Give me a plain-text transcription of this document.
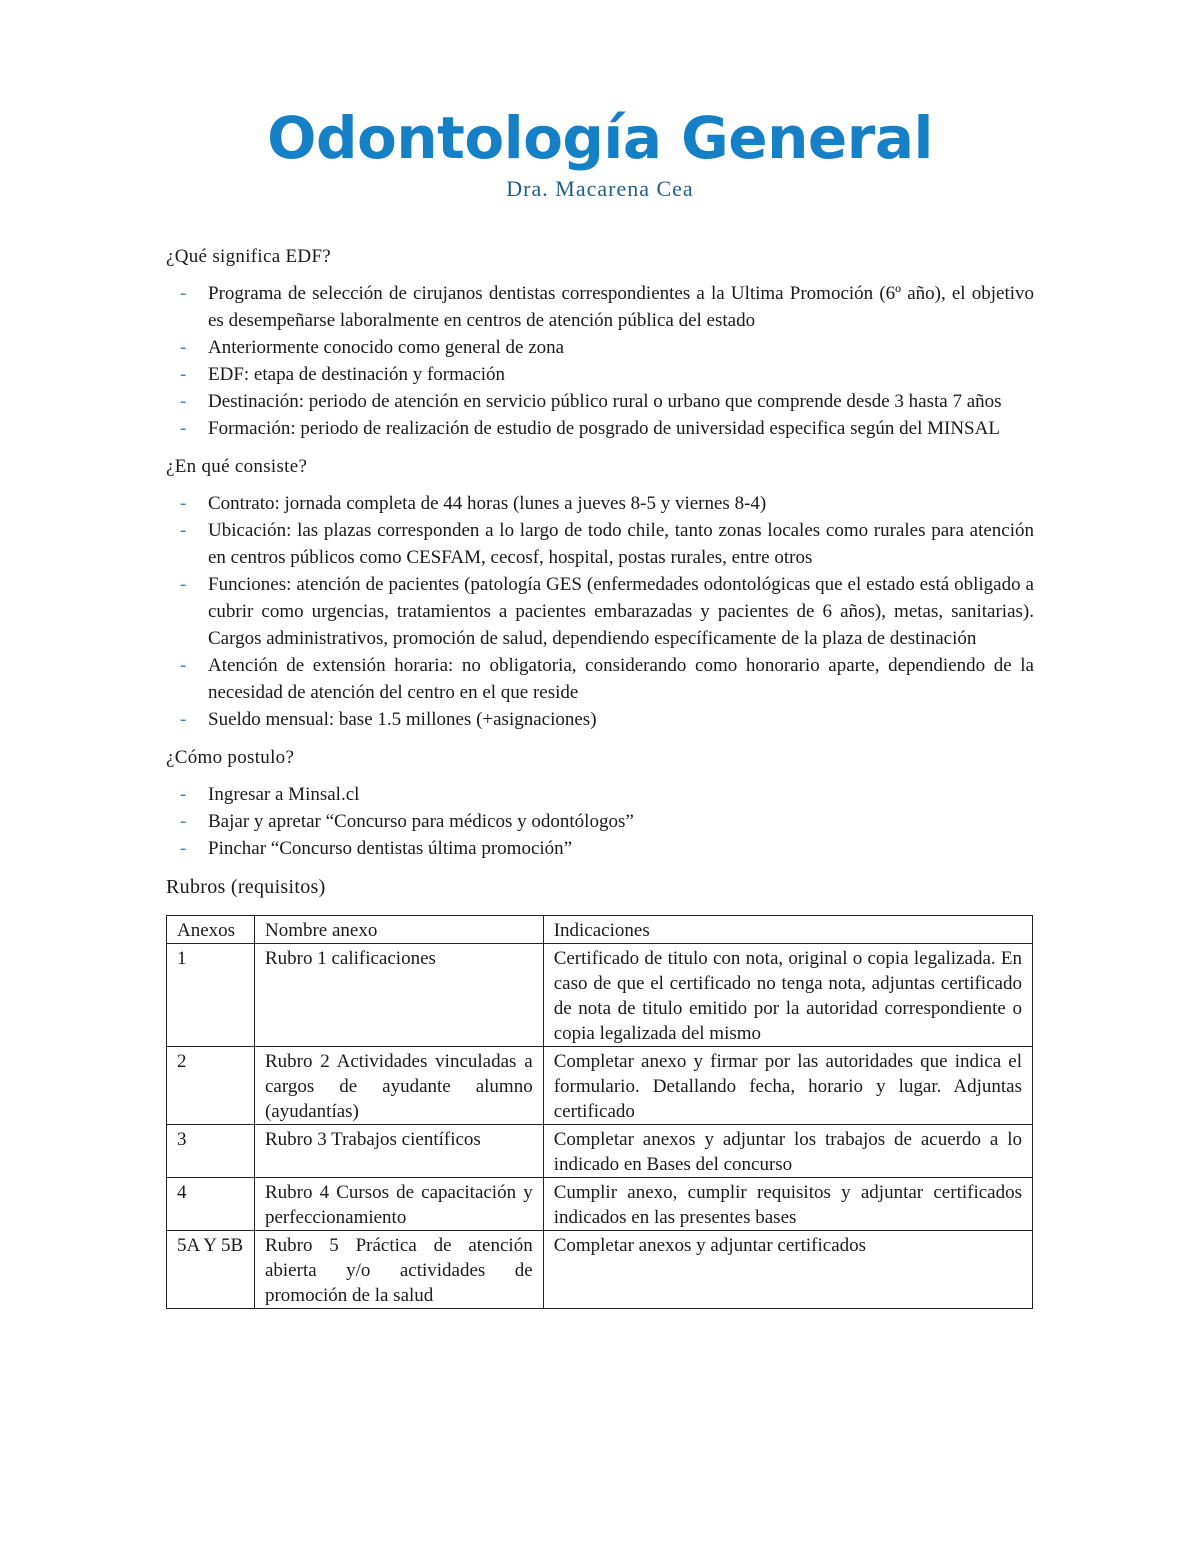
Odontología General
Dra. Macarena Cea

¿Qué significa EDF?

- Programa de selección de cirujanos dentistas correspondientes a la Ultima Promoción (6º año), el objetivo es desempeñarse laboralmente en centros de atención pública del estado
- Anteriormente conocido como general de zona
- EDF: etapa de destinación y formación
- Destinación: periodo de atención en servicio público rural o urbano que comprende desde 3 hasta 7 años
- Formación: periodo de realización de estudio de posgrado de universidad especifica según del MINSAL

¿En qué consiste?

- Contrato: jornada completa de 44 horas (lunes a jueves 8-5 y viernes 8-4)
- Ubicación: las plazas corresponden a lo largo de todo chile, tanto zonas locales como rurales para atención en centros públicos como CESFAM, cecosf, hospital, postas rurales, entre otros
- Funciones: atención de pacientes (patología GES (enfermedades odontológicas que el estado está obligado a cubrir como urgencias, tratamientos a pacientes embarazadas y pacientes de 6 años), metas, sanitarias). Cargos administrativos, promoción de salud, dependiendo específicamente de la plaza de destinación
- Atención de extensión horaria: no obligatoria, considerando como honorario aparte, dependiendo de la necesidad de atención del centro en el que reside
- Sueldo mensual: base 1.5 millones (+asignaciones)

¿Cómo postulo?

- Ingresar a Minsal.cl
- Bajar y apretar “Concurso para médicos y odontólogos”
- Pinchar “Concurso dentistas última promoción”

Rubros (requisitos)

Anexos	Nombre anexo	Indicaciones
1	Rubro 1 calificaciones	Certificado de titulo con nota, original o copia legalizada. En caso de que el certificado no tenga nota, adjuntas certificado de nota de titulo emitido por la autoridad correspondiente o copia legalizada del mismo
2	Rubro 2 Actividades vinculadas a cargos de ayudante alumno (ayudantías)	Completar anexo y firmar por las autoridades que indica el formulario. Detallando fecha, horario y lugar. Adjuntas certificado
3	Rubro 3 Trabajos científicos	Completar anexos y adjuntar los trabajos de acuerdo a lo indicado en Bases del concurso
4	Rubro 4 Cursos de capacitación y perfeccionamiento	Cumplir anexo, cumplir requisitos y adjuntar certificados indicados en las presentes bases
5A Y 5B	Rubro 5 Práctica de atención abierta y/o actividades de promoción de la salud	Completar anexos y adjuntar certificados
